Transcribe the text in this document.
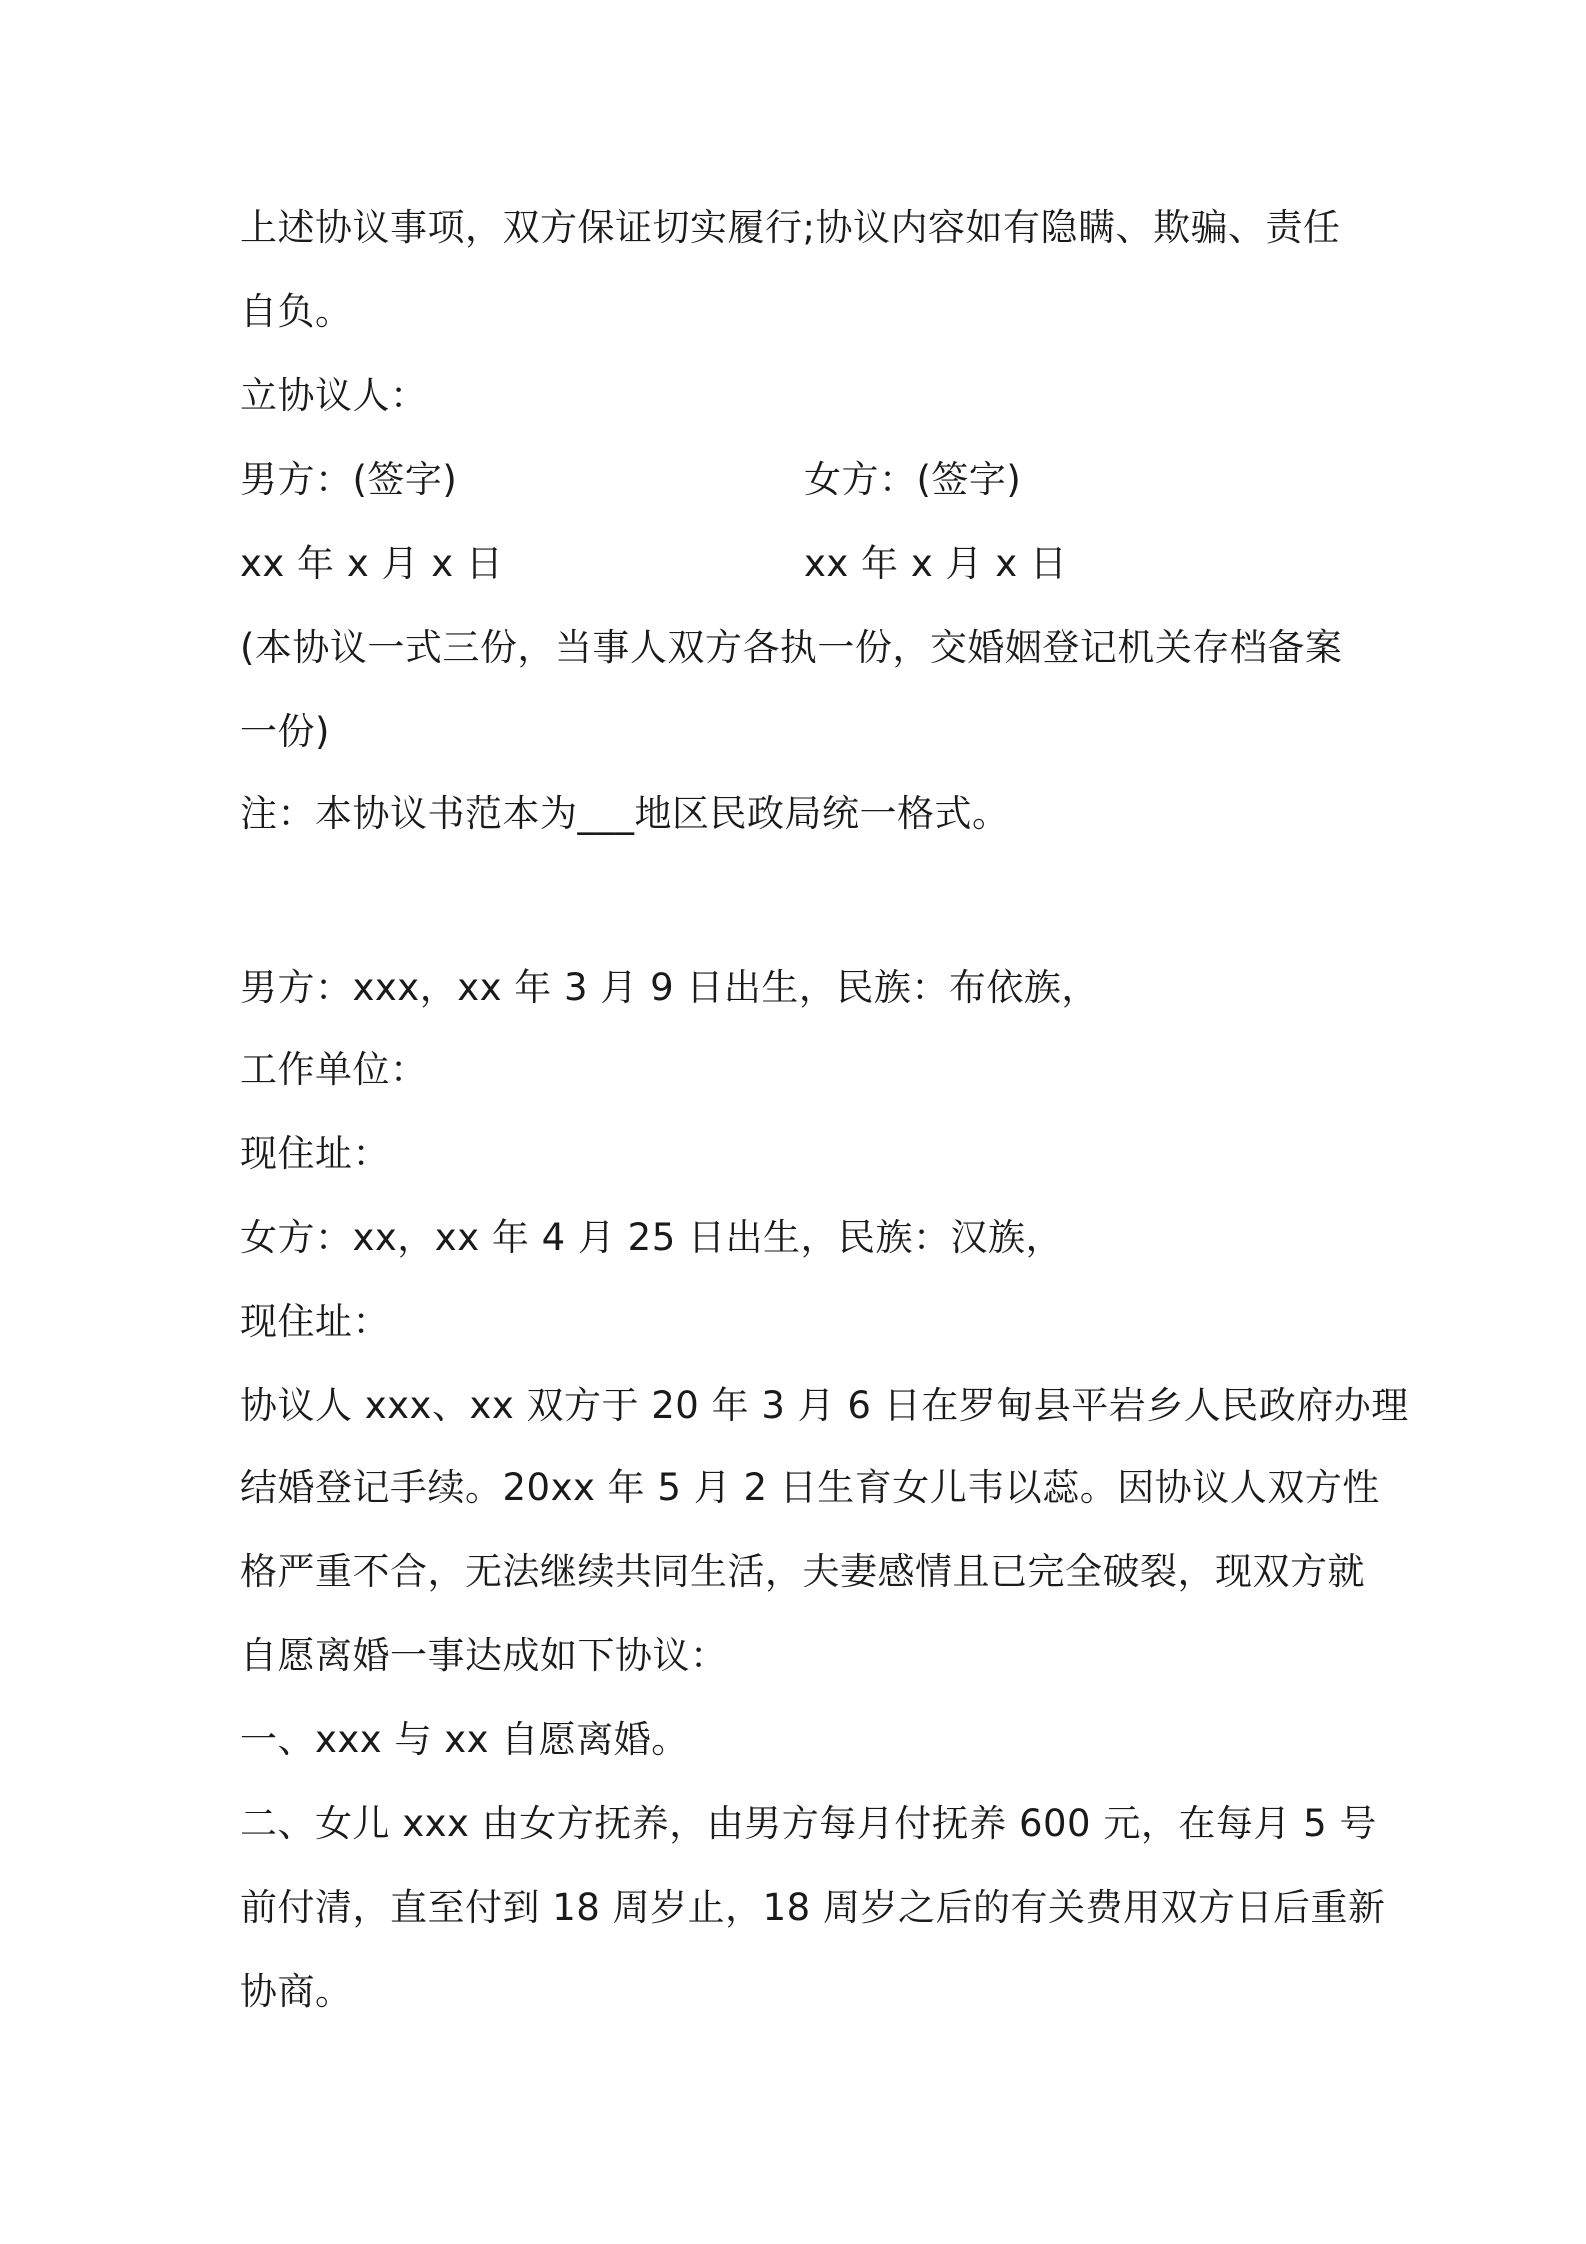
上述协议事项，双方保证切实履行;协议内容如有隐瞒、欺骗、责任
自负。
立协议人：
男方：(签字)	女方：(签字)
xx 年 x 月 x 日	xx 年 x 月 x 日
(本协议一式三份，当事人双方各执一份，交婚姻登记机关存档备案
一份)
注：本协议书范本为___地区民政局统一格式。
男方：xxx，xx 年 3 月 9 日出生，民族：布依族，
工作单位：
现住址：
女方：xx，xx 年 4 月 25 日出生，民族：汉族，
现住址：
协议人 xxx、xx 双方于 20 年 3 月 6 日在罗甸县平岩乡人民政府办理
结婚登记手续。20xx 年 5 月 2 日生育女儿韦以蕊。因协议人双方性
格严重不合，无法继续共同生活，夫妻感情且已完全破裂，现双方就
自愿离婚一事达成如下协议：
一、xxx 与 xx 自愿离婚。
二、女儿 xxx 由女方抚养，由男方每月付抚养 600 元，在每月 5 号
前付清，直至付到 18 周岁止，18 周岁之后的有关费用双方日后重新
协商。
